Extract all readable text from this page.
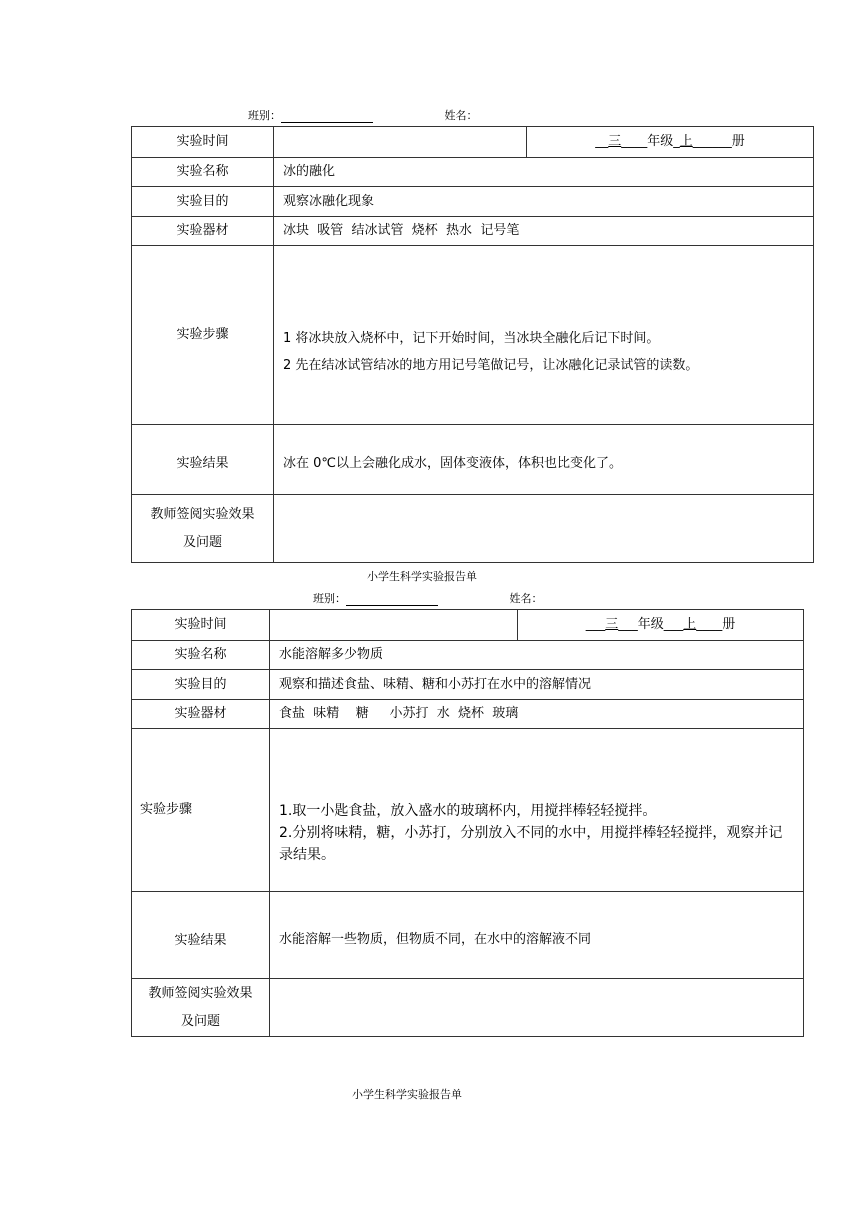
班别：	姓名：
实验时间		__三____年级_上______册
实验名称	冰的融化	
实验目的	观察冰融化现象	
实验器材	冰块  吸管  结冰试管  烧杯  热水  记号笔	
实验步骤	1 将冰块放入烧杯中，记下开始时间，当冰块全融化后记下时间。

2 先在结冰试管结冰的地方用记号笔做记号，让冰融化记录试管的读数。	

实验结果	冰在 0℃以上会融化成水，固体变液体，体积也比变化了。	

教师签阅实验效果
及问题		

小学生科学实验报告单
班别：	姓名：
实验时间		___三___年级___上____册
实验名称	水能溶解多少物质	
实验目的	观察和描述食盐、味精、糖和小苏打在水中的溶解情况	
实验器材	食盐  味精    糖     小苏打  水  烧杯  玻璃	
实验步骤	1.取一小匙食盐，放入盛水的玻璃杯内，用搅拌棒轻轻搅拌。

2.分别将味精，糖，小苏打，分别放入不同的水中，用搅拌棒轻轻搅拌，观察并记录结果。	

实验结果	水能溶解一些物质，但物质不同，在水中的溶解液不同	

教师签阅实验效果
及问题		

小学生科学实验报告单
